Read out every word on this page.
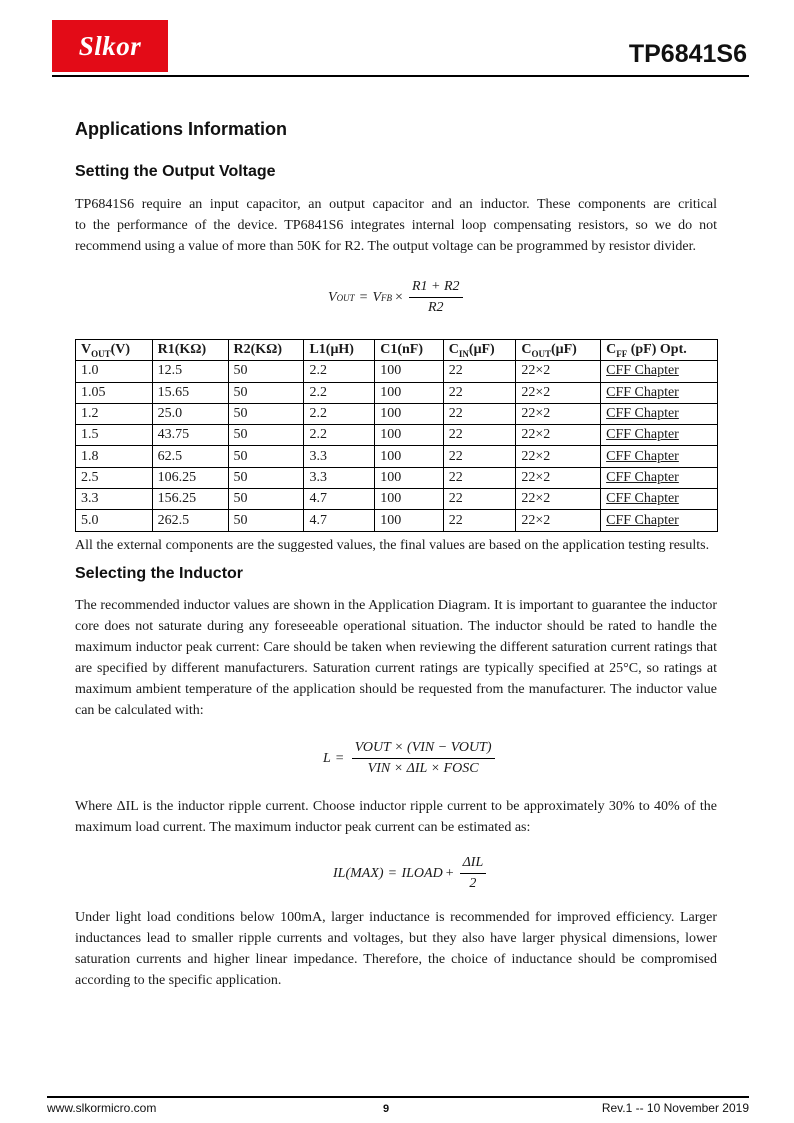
Slkor	TP6841S6
Applications Information
Setting the Output Voltage

TP6841S6 require an input capacitor, an output capacitor and an inductor. These components are critical
to the performance of the device. TP6841S6 integrates internal loop compensating resistors, so we do not
recommend using a value of more than 50K for R2. The output voltage can be programmed by resistor divider.

V OUT = V FB × $\frac{R1 + R2}{R2}$
$V_{OUT}(V)$	R1(KΩ)	R2(KΩ)	L1(μH)	C1(nF)	$C_{IN}(\mu F)$	$C_{OUT}(\mu F)$	$C_{FF}$ (pF) Opt.
1.0	12.5	50	2.2	100	22	22×2	CFF Chapter
1.05	15.65	50	2.2	100	22	22×2	CFF Chapter
1.2	25.0	50	2.2	100	22	22×2	CFF Chapter
1.5	43.75	50	2.2	100	22	22×2	CFF Chapter
1.8	62.5	50	3.3	100	22	22×2	CFF Chapter
2.5	106.25	50	3.3	100	22	22×2	CFF Chapter
3.3	156.25	50	4.7	100	22	22×2	CFF Chapter
5.0	262.5	50	4.7	100	22	22×2	CFF Chapter

All the external components are the suggested values, the final values are based on the application testing results.

Selecting the Inductor

The recommended inductor values are shown in the Application Diagram. It is important to guarantee the inductor
core does not saturate during any foreseeable operational situation. The inductor should be rated to handle the
maximum inductor peak current: Care should be taken when reviewing the different saturation current ratings that
are specified by different manufacturers. Saturation current ratings are typically specified at 25°C, so ratings at
maximum ambient temperature of the application should be requested from the manufacturer. The inductor value
can be calculated with:

$L = \frac{\text{VOUT × (VIN − VOUT)}}{\text{VIN × ΔIL × FOSC}}$

Where ΔIL is the inductor ripple current. Choose inductor ripple current to be approximately 30% to 40% of the
maximum load current. The maximum inductor peak current can be estimated as:

IL(MAX) = ILOAD + $\frac{\text{ΔIL}}{2}$

Under light load conditions below 100mA, larger inductance is recommended for improved efficiency. Larger
inductances lead to smaller ripple currents and voltages, but they also have larger physical dimensions, lower
saturation currents and higher linear impedance. Therefore, the choice of inductance should be compromised
according to the specific application.

www.slkormicro.com	9	Rev.1 -- 10 November 2019
